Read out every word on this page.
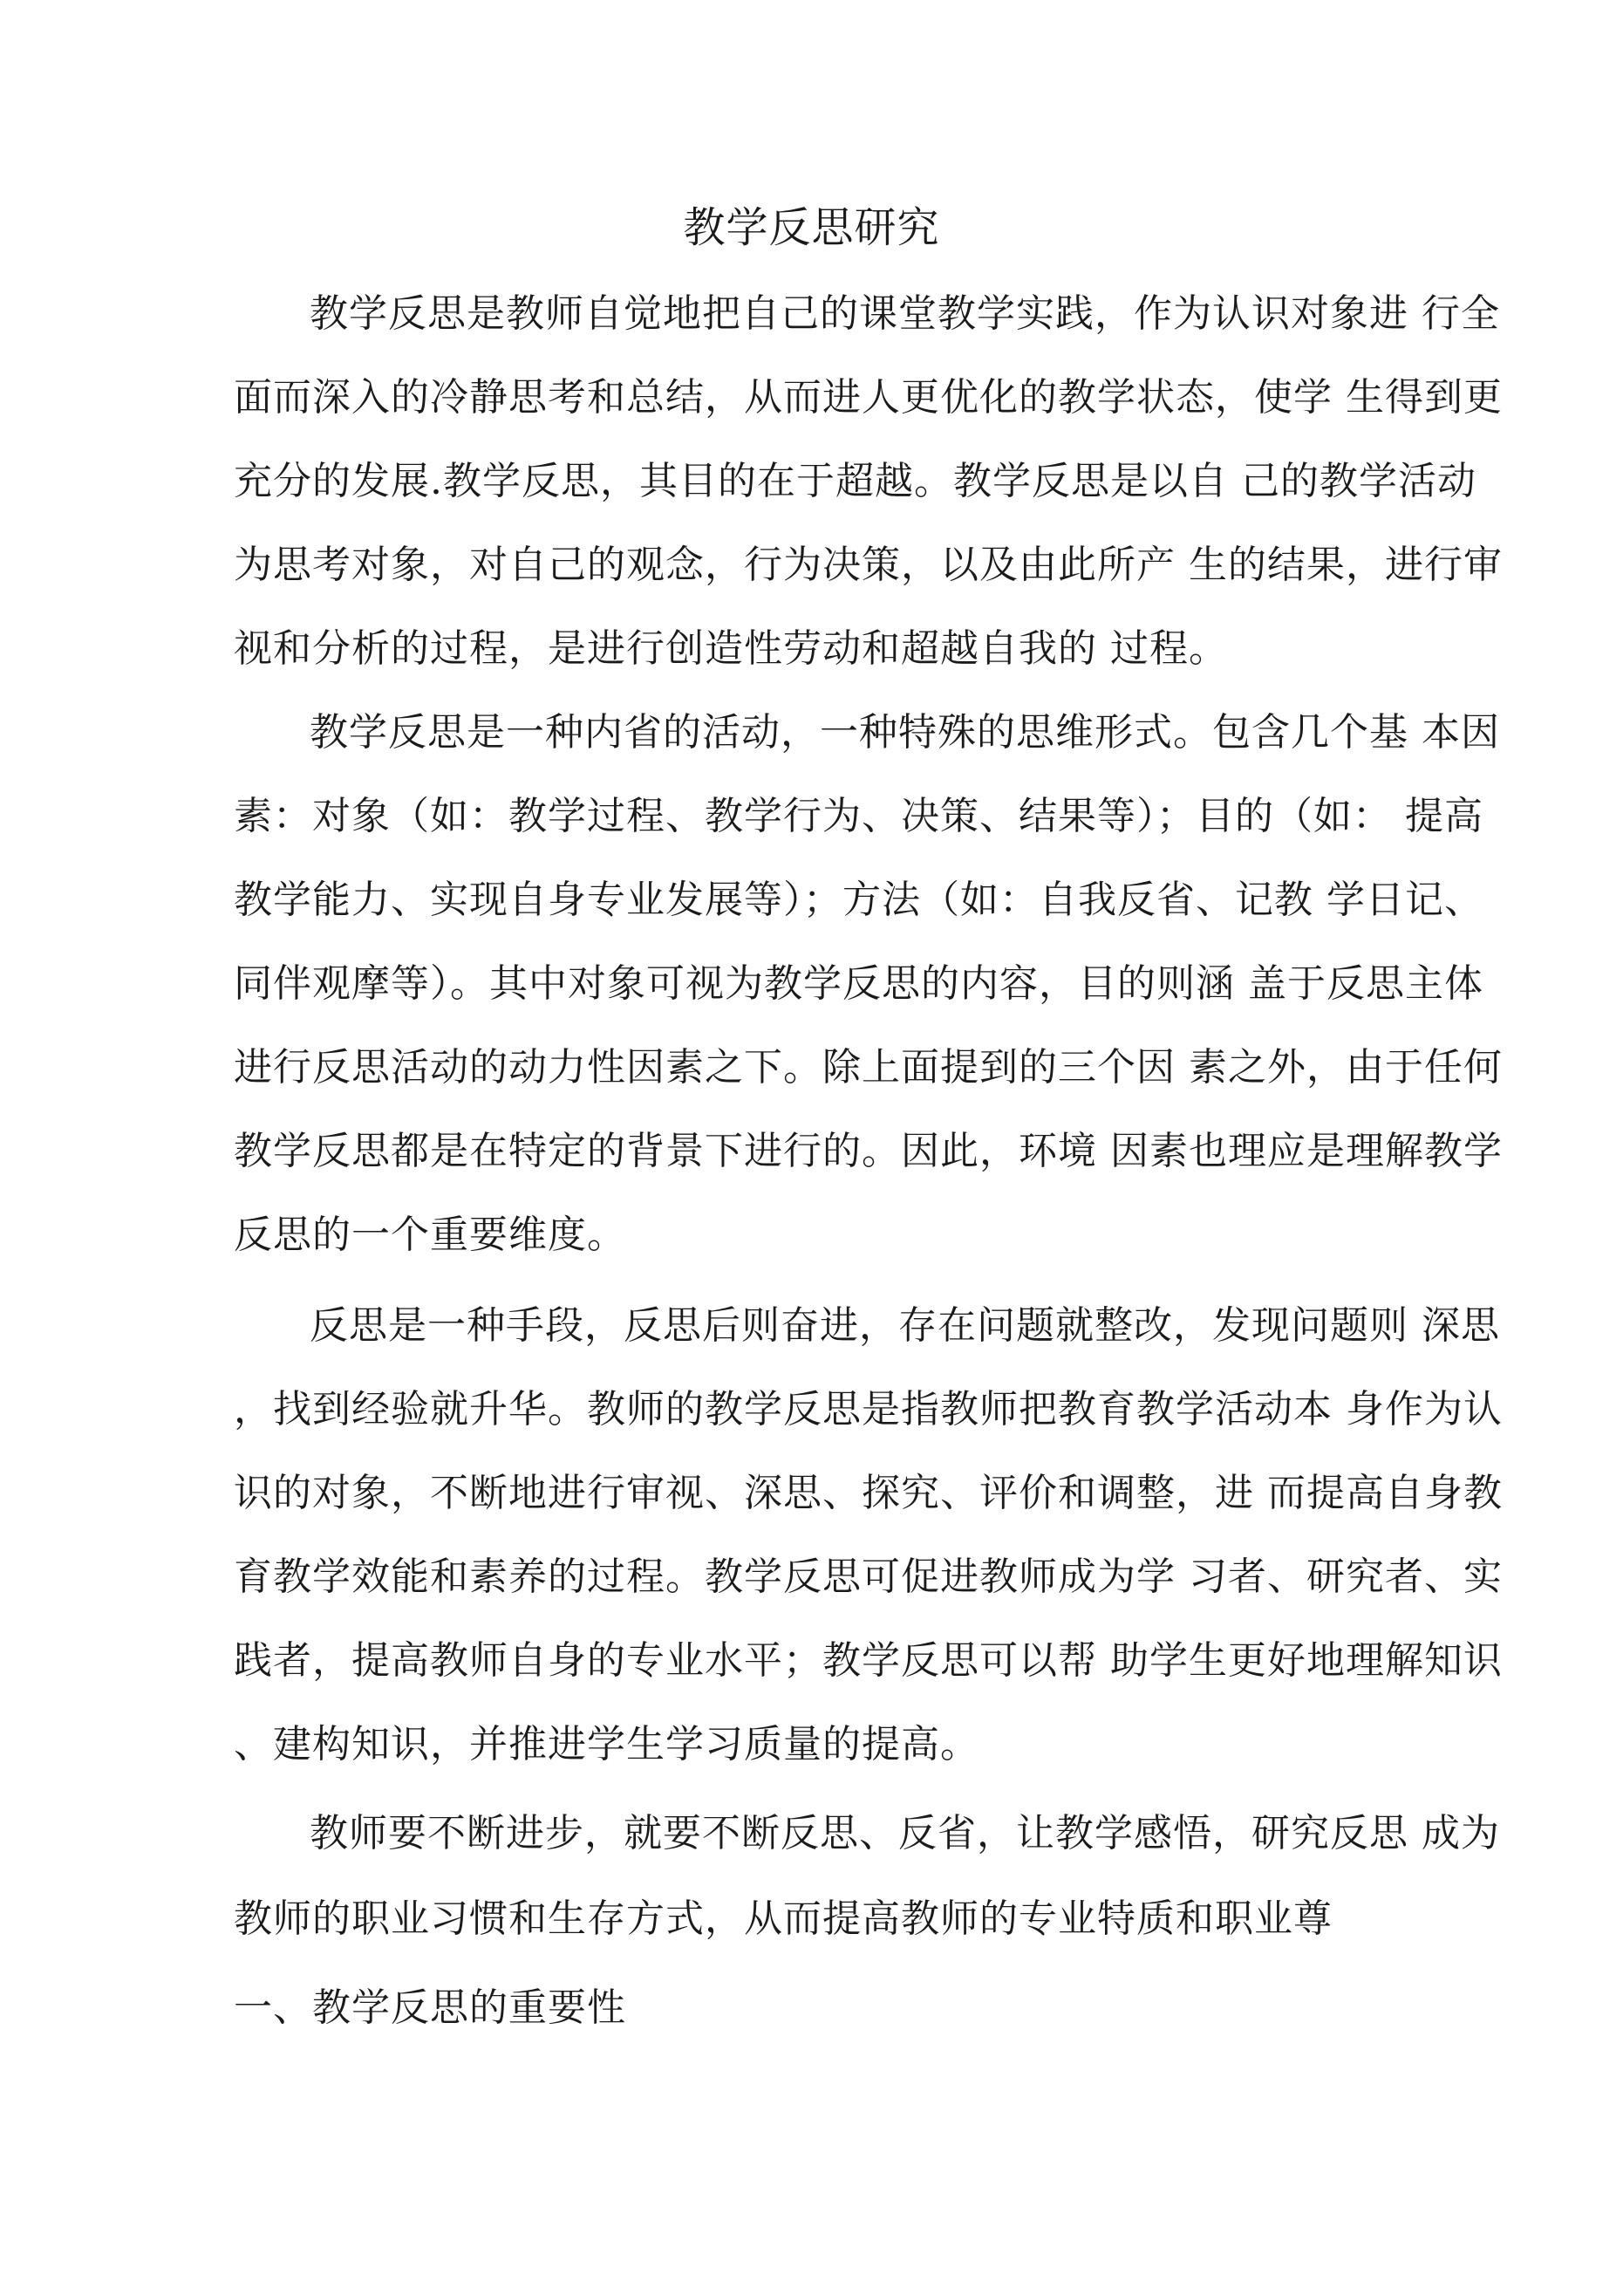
教学反思研究
教学反思是教师自觉地把自己的课堂教学实践，作为认识对象进 行全
面而深入的冷静思考和总结，从而进人更优化的教学状态，使学 生得到更
充分的发展.教学反思，其目的在于超越。教学反思是以自 己的教学活动
为思考对象，对自己的观念，行为决策，以及由此所产 生的结果，进行审
视和分析的过程，是进行创造性劳动和超越自我的 过程。
教学反思是一种内省的活动，一种特殊的思维形式。包含几个基 本因
素：对象（如：教学过程、教学行为、决策、结果等）；目的（如： 提高
教学能力、实现自身专业发展等）；方法（如：自我反省、记教 学日记、
同伴观摩等）。其中对象可视为教学反思的内容，目的则涵 盖于反思主体
进行反思活动的动力性因素之下。除上面提到的三个因 素之外，由于任何
教学反思都是在特定的背景下进行的。因此，环境 因素也理应是理解教学
反思的一个重要维度。
反思是一种手段，反思后则奋进，存在问题就整改，发现问题则 深思
，找到经验就升华。教师的教学反思是指教师把教育教学活动本 身作为认
识的对象，不断地进行审视、深思、探究、评价和调整，进 而提高自身教
育教学效能和素养的过程。教学反思可促进教师成为学 习者、研究者、实
践者，提高教师自身的专业水平；教学反思可以帮 助学生更好地理解知识
、建构知识，并推进学生学习质量的提高。
教师要不断进步，就要不断反思、反省，让教学感悟，研究反思 成为
教师的职业习惯和生存方式，从而提高教师的专业特质和职业尊
一、教学反思的重要性
